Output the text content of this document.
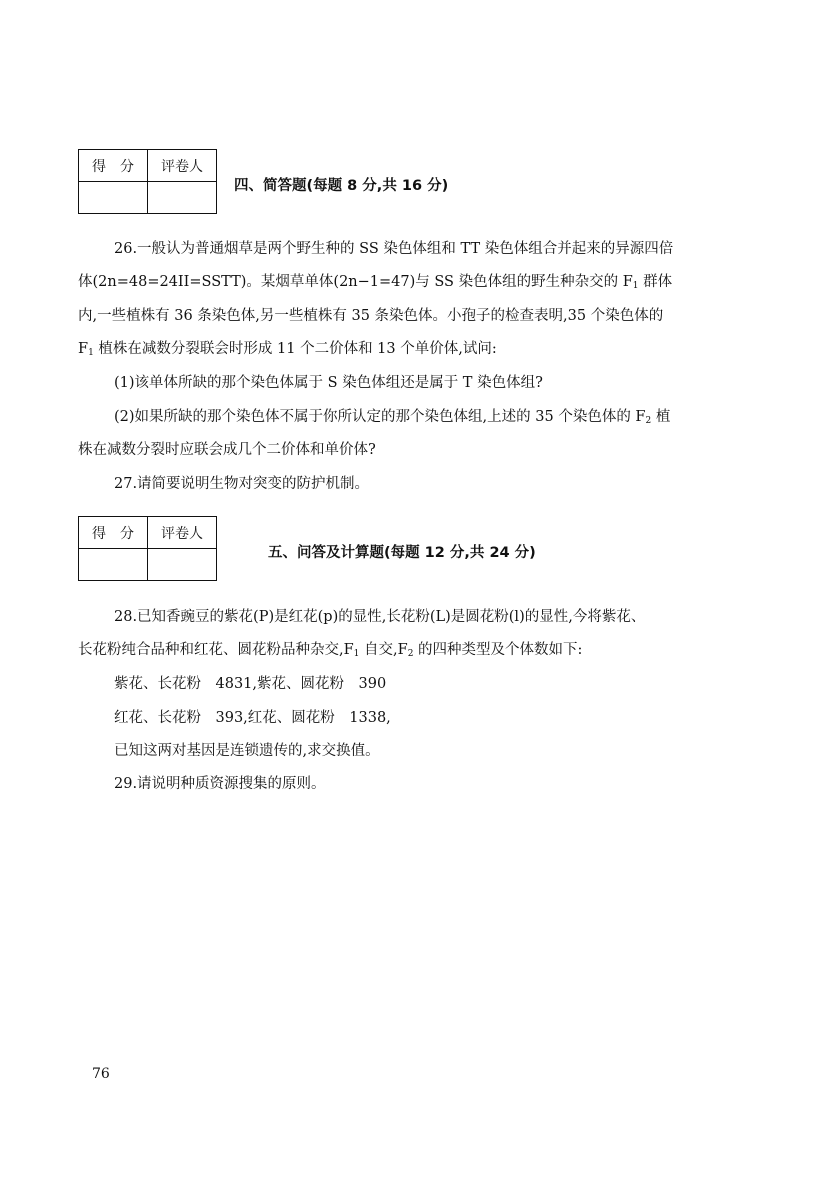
得　分	评卷人

四、简答题(每题 8 分,共 16 分)
26.一般认为普通烟草是两个野生种的 SS 染色体组和 TT 染色体组合并起来的异源四倍
体(2n=48=24II=SSTT)。某烟草单体(2n−1=47)与 SS 染色体组的野生种杂交的 $F_1$ 群体
内,一些植株有 36 条染色体,另一些植株有 35 条染色体。小孢子的检查表明,35 个染色体的
$F_1$ 植株在减数分裂联会时形成 11 个二价体和 13 个单价体,试问:
(1)该单体所缺的那个染色体属于 S 染色体组还是属于 T 染色体组?
(2)如果所缺的那个染色体不属于你所认定的那个染色体组,上述的 35 个染色体的 $F_2$ 植
株在减数分裂时应联会成几个二价体和单价体?
27.请简要说明生物对突变的防护机制。
得　分	评卷人

五、问答及计算题(每题 12 分,共 24 分)
28.已知香豌豆的紫花(P)是红花(p)的显性,长花粉(L)是圆花粉(l)的显性,今将紫花、
长花粉纯合品种和红花、圆花粉品种杂交$,F_1$ 自交$,F_2$ 的四种类型及个体数如下:
紫花、长花粉　4831,紫花、圆花粉　390
红花、长花粉　393,红花、圆花粉　1338,
已知这两对基因是连锁遗传的,求交换值。
29.请说明种质资源搜集的原则。
76
